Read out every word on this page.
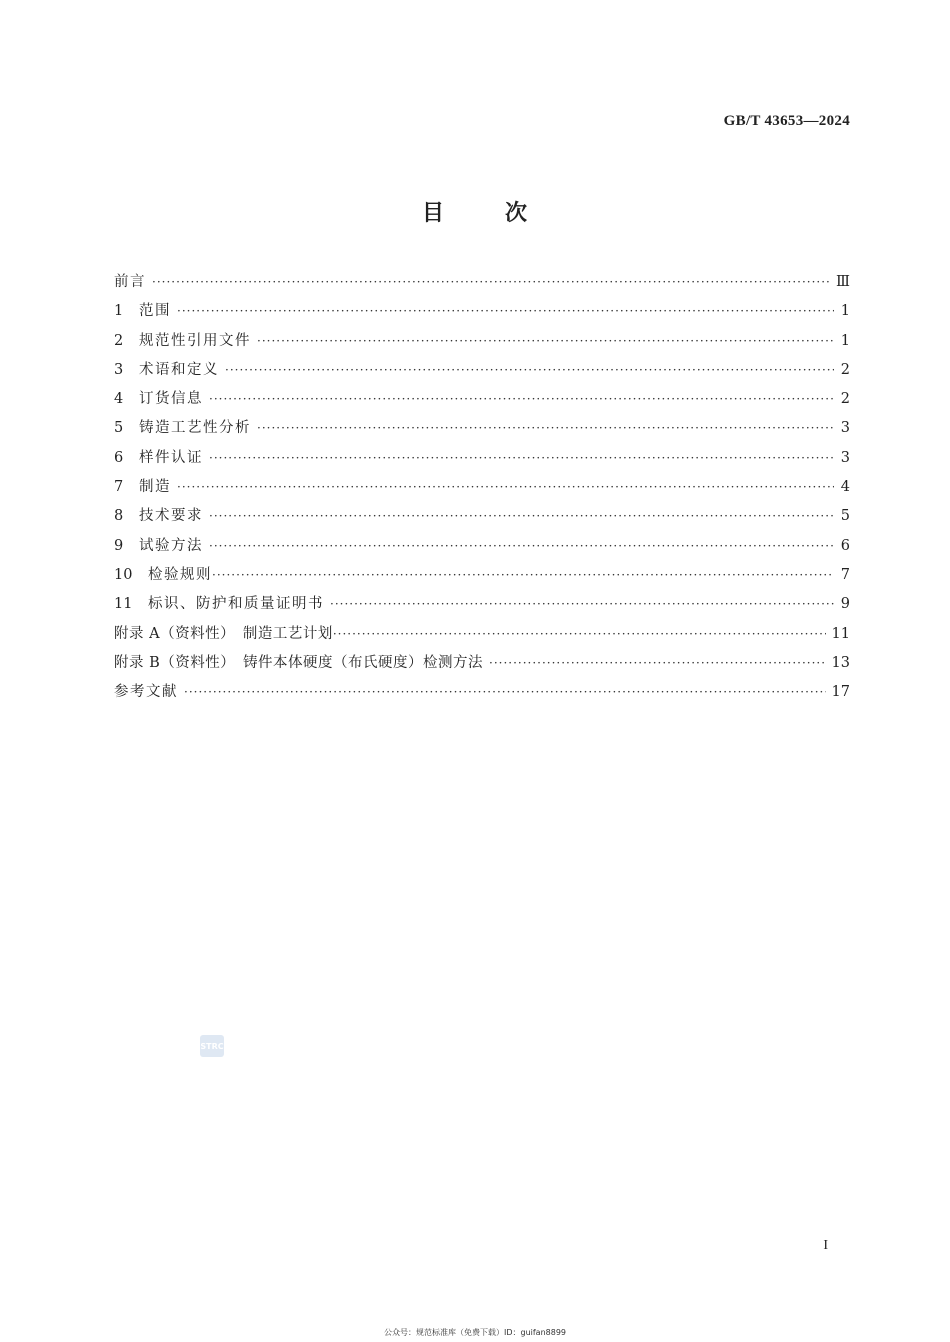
GB/T 43653—2024
目	次
前言 ·····	Ⅲ
1	范围 ·····	1
2	规范性引用文件 ·····	1
3	术语和定义 ·····	2
4	订货信息 ·····	2
5	铸造工艺性分析 ·····	3
6	样件认证 ·····	3
7	制造 ·····	4
8	技术要求 ·····	5
9	试验方法 ·····	6
10	检验规则 ·····	7
11	标识、防护和质量证明书 ·····	9
附录 A（资料性）　制造工艺计划 ·····	11
附录 B（资料性）　铸件本体硬度（布氏硬度）检测方法 ·····	13
参考文献 ·····	17
STRC
I
公众号：规范标准库（免费下载）ID：guifan8899
